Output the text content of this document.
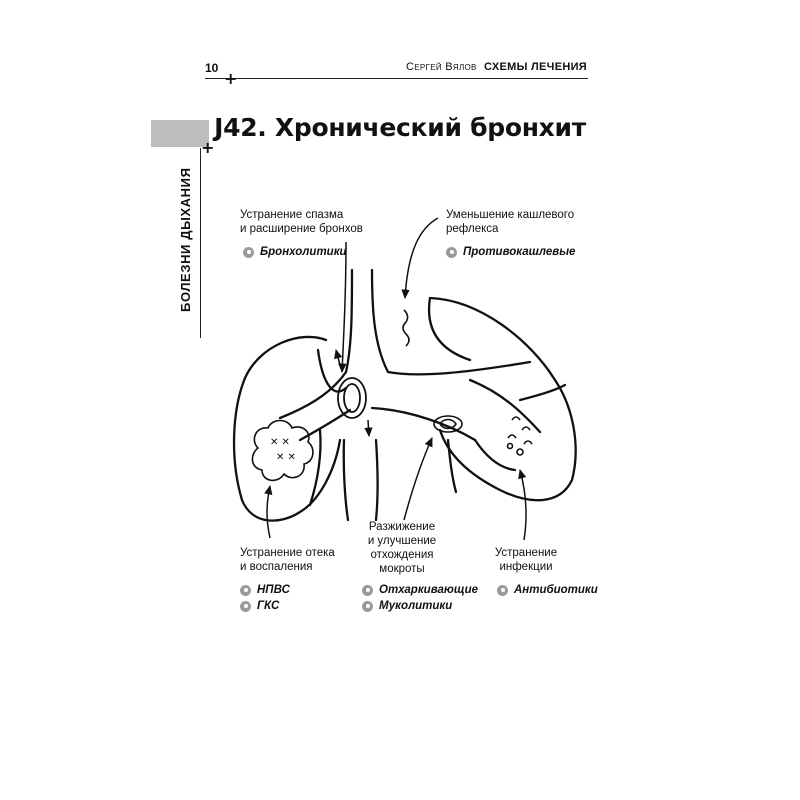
10	Сергей Вялов СХЕМЫ ЛЕЧЕНИЯ
+
+
БОЛЕЗНИ ДЫХАНИЯ
J42. Хронический бронхит
✕ ✕
✕ ✕
Устранение спазма
и расширение бронхов
Бронхолитики
Уменьшение кашлевого
рефлекса
Противокашлевые
Устранение отека
и воспаления
НПВС
ГКС
Разжижение
и улучшение
отхождения
мокроты
Отхаркивающие
Муколитики
Устранение
инфекции
Антибиотики
